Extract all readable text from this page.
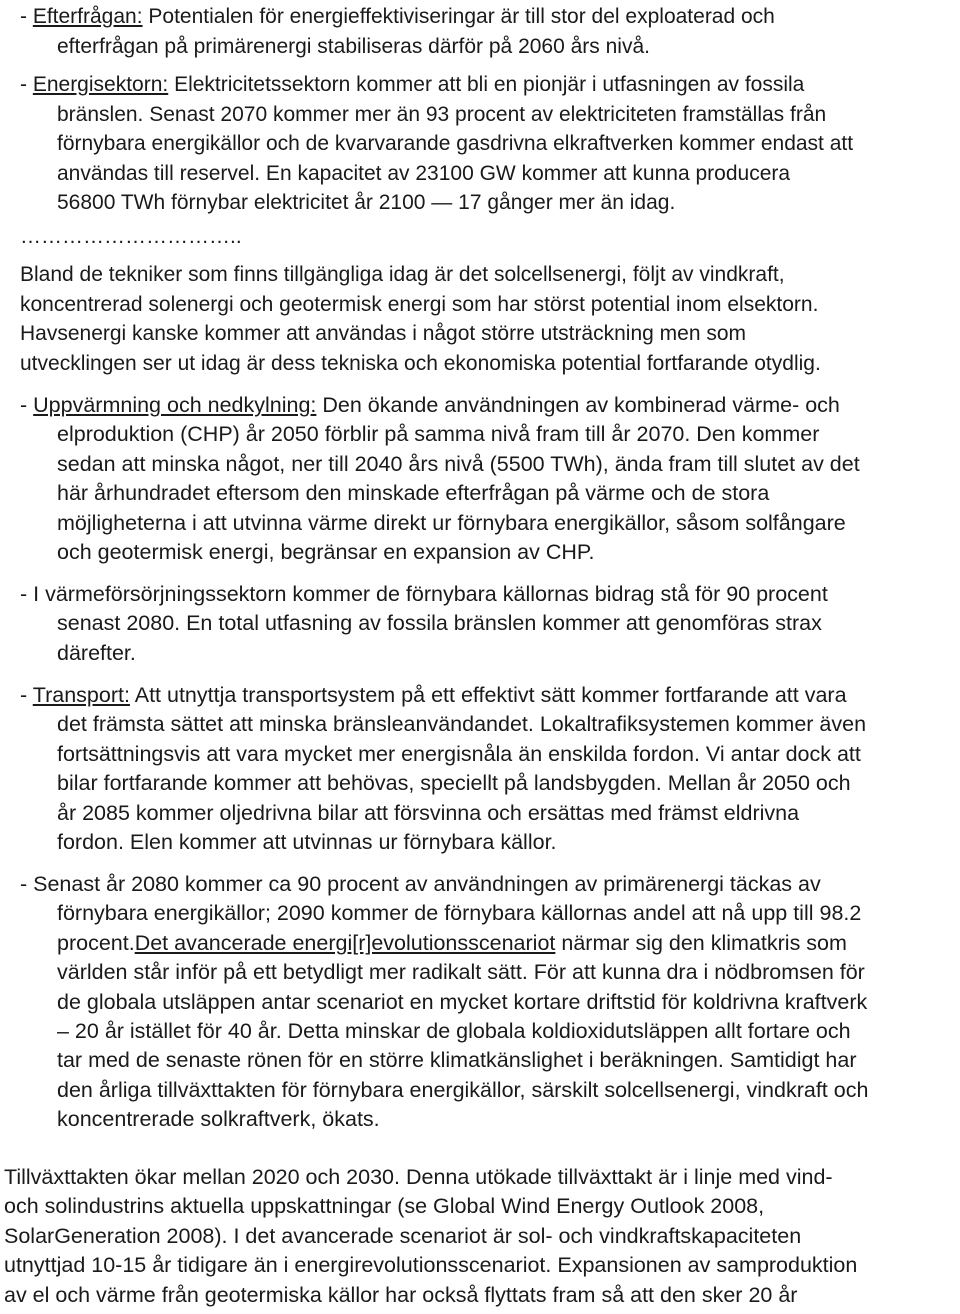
- Efterfrågan: Potentialen för energieffektiviseringar är till stor del exploaterad och
efterfrågan på primärenergi stabiliseras därför på 2060 års nivå.
- Energisektorn: Elektricitetssektorn kommer att bli en pionjär i utfasningen av fossila
bränslen. Senast 2070 kommer mer än 93 procent av elektriciteten framställas från
förnybara energikällor och de kvarvarande gasdrivna elkraftverken kommer endast att
användas till reservel. En kapacitet av 23100 GW kommer att kunna producera
56800 TWh förnybar elektricitet år 2100 — 17 gånger mer än idag.
…………………………..
Bland de tekniker som finns tillgängliga idag är det solcellsenergi, följt av vindkraft,
koncentrerad solenergi och geotermisk energi som har störst potential inom elsektorn.
Havsenergi kanske kommer att användas i något större utsträckning men som
utvecklingen ser ut idag är dess tekniska och ekonomiska potential fortfarande otydlig.
- Uppvärmning och nedkylning: Den ökande användningen av kombinerad värme- och
elproduktion (CHP) år 2050 förblir på samma nivå fram till år 2070. Den kommer
sedan att minska något, ner till 2040 års nivå (5500 TWh), ända fram till slutet av det
här århundradet eftersom den minskade efterfrågan på värme och de stora
möjligheterna i att utvinna värme direkt ur förnybara energikällor, såsom solfångare
och geotermisk energi, begränsar en expansion av CHP.
- I värmeförsörjningssektorn kommer de förnybara källornas bidrag stå för 90 procent
senast 2080. En total utfasning av fossila bränslen kommer att genomföras strax
därefter.
- Transport: Att utnyttja transportsystem på ett effektivt sätt kommer fortfarande att vara
det främsta sättet att minska bränsleanvändandet. Lokaltrafiksystemen kommer även
fortsättningsvis att vara mycket mer energisnåla än enskilda fordon. Vi antar dock att
bilar fortfarande kommer att behövas, speciellt på landsbygden. Mellan år 2050 och
år 2085 kommer oljedrivna bilar att försvinna och ersättas med främst eldrivna
fordon. Elen kommer att utvinnas ur förnybara källor.
- Senast år 2080 kommer ca 90 procent av användningen av primärenergi täckas av
förnybara energikällor; 2090 kommer de förnybara källornas andel att nå upp till 98.2
procent.Det avancerade energi[r]evolutionsscenariot närmar sig den klimatkris som
världen står inför på ett betydligt mer radikalt sätt. För att kunna dra i nödbromsen för
de globala utsläppen antar scenariot en mycket kortare driftstid för koldrivna kraftverk
– 20 år istället för 40 år. Detta minskar de globala koldioxidutsläppen allt fortare och
tar med de senaste rönen för en större klimatkänslighet i beräkningen. Samtidigt har
den årliga tillväxttakten för förnybara energikällor, särskilt solcellsenergi, vindkraft och
koncentrerade solkraftverk, ökats.
Tillväxttakten ökar mellan 2020 och 2030. Denna utökade tillväxttakt är i linje med vind-
och solindustrins aktuella uppskattningar (se Global Wind Energy Outlook 2008,
SolarGeneration 2008). I det avancerade scenariot är sol- och vindkraftskapaciteten
utnyttjad 10-15 år tidigare än i energirevolutionsscenariot. Expansionen av samproduktion
av el och värme från geotermiska källor har också flyttats fram så att den sker 20 år
